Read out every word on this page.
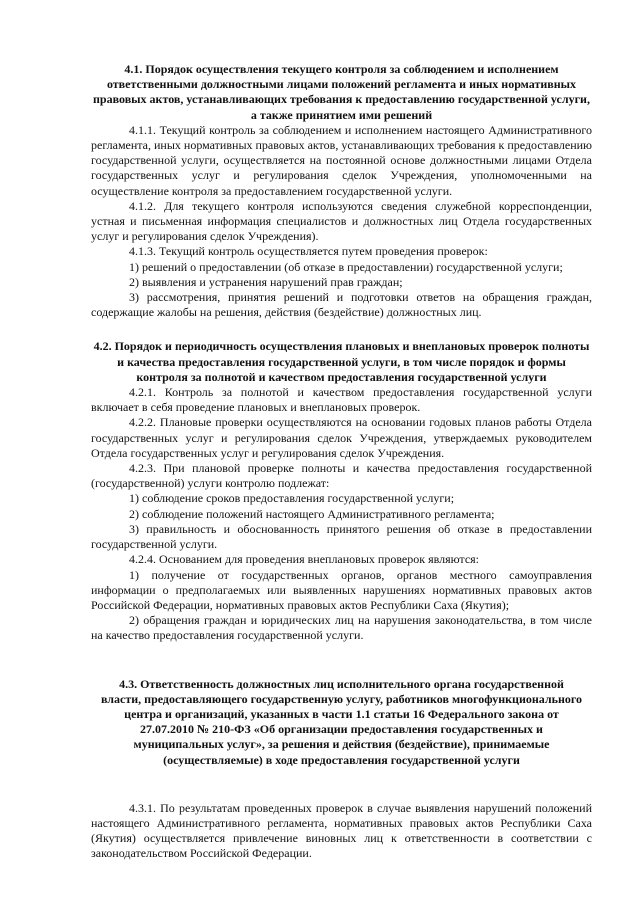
4.1. Порядок осуществления текущего контроля за соблюдением и исполнением ответственными должностными лицами положений регламента и иных нормативных правовых актов, устанавливающих требования к предоставлению государственной услуги, а также принятием ими решений

4.1.1. Текущий контроль за соблюдением и исполнением настоящего Административного регламента, иных нормативных правовых актов, устанавливающих требования к предоставлению государственной услуги, осуществляется на постоянной основе должностными лицами Отдела государственных услуг и регулирования сделок Учреждения, уполномоченными на осуществление контроля за предоставлением государственной услуги.

4.1.2. Для текущего контроля используются сведения служебной корреспонденции, устная и письменная информация специалистов и должностных лиц Отдела государственных услуг и регулирования сделок Учреждения).

4.1.3. Текущий контроль осуществляется путем проведения проверок:

1) решений о предоставлении (об отказе в предоставлении) государственной услуги;

2) выявления и устранения нарушений прав граждан;

3) рассмотрения, принятия решений и подготовки ответов на обращения граждан, содержащие жалобы на решения, действия (бездействие) должностных лиц.

4.2. Порядок и периодичность осуществления плановых и внеплановых проверок полноты и качества предоставления государственной услуги, в том числе порядок и формы контроля за полнотой и качеством предоставления государственной услуги

4.2.1. Контроль за полнотой и качеством предоставления государственной услуги включает в себя проведение плановых и внеплановых проверок.

4.2.2. Плановые проверки осуществляются на основании годовых планов работы Отдела государственных услуг и регулирования сделок Учреждения, утверждаемых руководителем Отдела государственных услуг и регулирования сделок Учреждения.

4.2.3. При плановой проверке полноты и качества предоставления государственной (государственной) услуги контролю подлежат:

1) соблюдение сроков предоставления государственной услуги;

2) соблюдение положений настоящего Административного регламента;

3) правильность и обоснованность принятого решения об отказе в предоставлении государственной услуги.

4.2.4. Основанием для проведения внеплановых проверок являются:

1) получение от государственных органов, органов местного самоуправления информации о предполагаемых или выявленных нарушениях нормативных правовых актов Российской Федерации, нормативных правовых актов Республики Саха (Якутия);

2) обращения граждан и юридических лиц на нарушения законодательства, в том числе на качество предоставления государственной услуги.

4.3. Ответственность должностных лиц исполнительного органа государственной власти, предоставляющего государственную услугу, работников многофункционального центра и организаций, указанных в части 1.1 статьи 16 Федерального закона от 27.07.2010 № 210-ФЗ «Об организации предоставления государственных и муниципальных услуг», за решения и действия (бездействие), принимаемые (осуществляемые) в ходе предоставления государственной услуги

4.3.1. По результатам проведенных проверок в случае выявления нарушений положений настоящего Административного регламента, нормативных правовых актов Республики Саха (Якутия) осуществляется привлечение виновных лиц к ответственности в соответствии с законодательством Российской Федерации.
